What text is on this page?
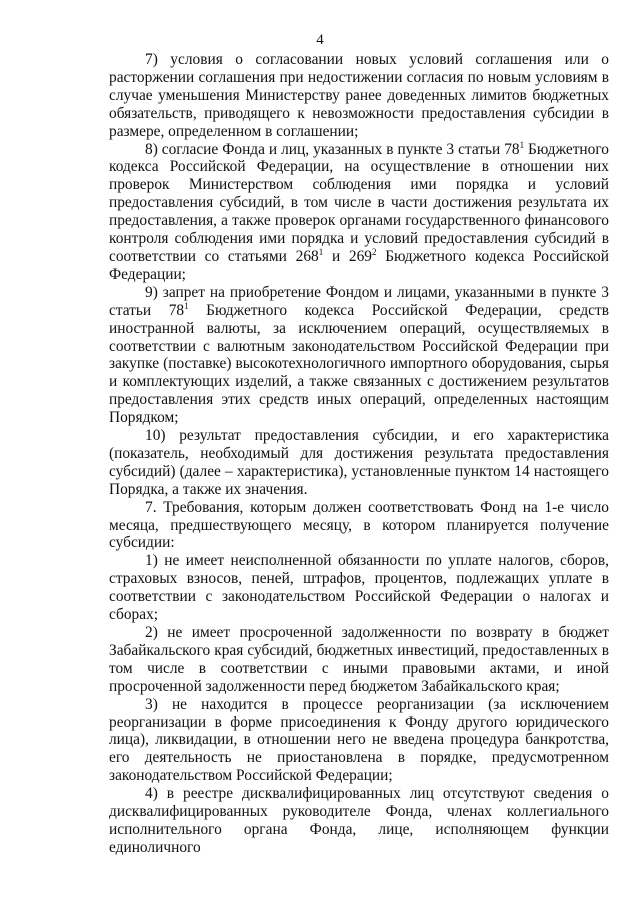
4

7) условия о согласовании новых условий соглашения или о расторжении соглашения при недостижении согласия по новым условиям в случае уменьшения Министерству ранее доведенных лимитов бюджетных обязательств, приводящего к невозможности предоставления субсидии в размере, определенном в соглашении;

8) согласие Фонда и лиц, указанных в пункте 3 статьи $78^1$ Бюджетного кодекса Российской Федерации, на осуществление в отношении них проверок Министерством соблюдения ими порядка и условий предоставления субсидий, в том числе в части достижения результата их предоставления, а также проверок органами государственного финансового контроля соблюдения ими порядка и условий предоставления субсидий в соответствии со статьями $268^1$ и $269^2$ Бюджетного кодекса Российской Федерации;

9) запрет на приобретение Фондом и лицами, указанными в пункте 3 статьи $78^1$ Бюджетного кодекса Российской Федерации, средств иностранной валюты, за исключением операций, осуществляемых в соответствии с валютным законодательством Российской Федерации при закупке (поставке) высокотехнологичного импортного оборудования, сырья и комплектующих изделий, а также связанных с достижением результатов предоставления этих средств иных операций, определенных настоящим Порядком;

10) результат предоставления субсидии, и его характеристика (показатель, необходимый для достижения результата предоставления субсидий) (далее – характеристика), установленные пунктом 14 настоящего Порядка, а также их значения.

7. Требования, которым должен соответствовать Фонд на 1-е число месяца, предшествующего месяцу, в котором планируется получение субсидии:

1) не имеет неисполненной обязанности по уплате налогов, сборов, страховых взносов, пеней, штрафов, процентов, подлежащих уплате в соответствии с законодательством Российской Федерации о налогах и сборах;

2) не имеет просроченной задолженности по возврату в бюджет Забайкальского края субсидий, бюджетных инвестиций, предоставленных в том числе в соответствии с иными правовыми актами, и иной просроченной задолженности перед бюджетом Забайкальского края;

3) не находится в процессе реорганизации (за исключением реорганизации в форме присоединения к Фонду другого юридического лица), ликвидации, в отношении него не введена процедура банкротства, его деятельность не приостановлена в порядке, предусмотренном законодательством Российской Федерации;

4) в реестре дисквалифицированных лиц отсутствуют сведения о дисквалифицированных руководителе Фонда, членах коллегиального исполнительного органа Фонда, лице, исполняющем функции единоличного
